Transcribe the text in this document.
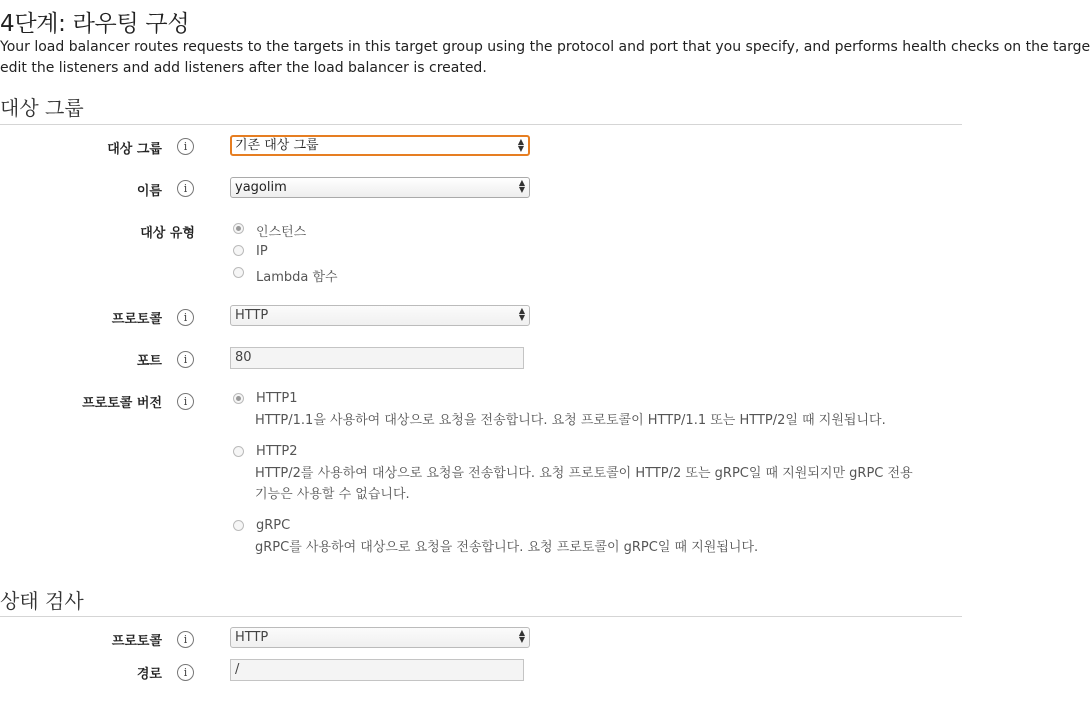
4단계: 라우팅 구성
Your load balancer routes requests to the targets in this target group using the protocol and port that you specify, and performs health checks on the targe
edit the listeners and add listeners after the load balancer is created.
대상 그룹
대상 그룹	i	기존 대상 그룹	▲
▼
이름	i	yagolim	▲
▼
대상 유형	인스턴스
IP
Lambda 함수
프로토콜	i	HTTP	▲
▼
포트	i	80
프로토콜 버전	i	HTTP1
HTTP/1.1을 사용하여 대상으로 요청을 전송합니다. 요청 프로토콜이 HTTP/1.1 또는 HTTP/2일 때 지원됩니다.
HTTP2
HTTP/2를 사용하여 대상으로 요청을 전송합니다. 요청 프로토콜이 HTTP/2 또는 gRPC일 때 지원되지만 gRPC 전용
기능은 사용할 수 없습니다.
gRPC
gRPC를 사용하여 대상으로 요청을 전송합니다. 요청 프로토콜이 gRPC일 때 지원됩니다.
상태 검사
프로토콜	i	HTTP	▲
▼
경로	i	/
